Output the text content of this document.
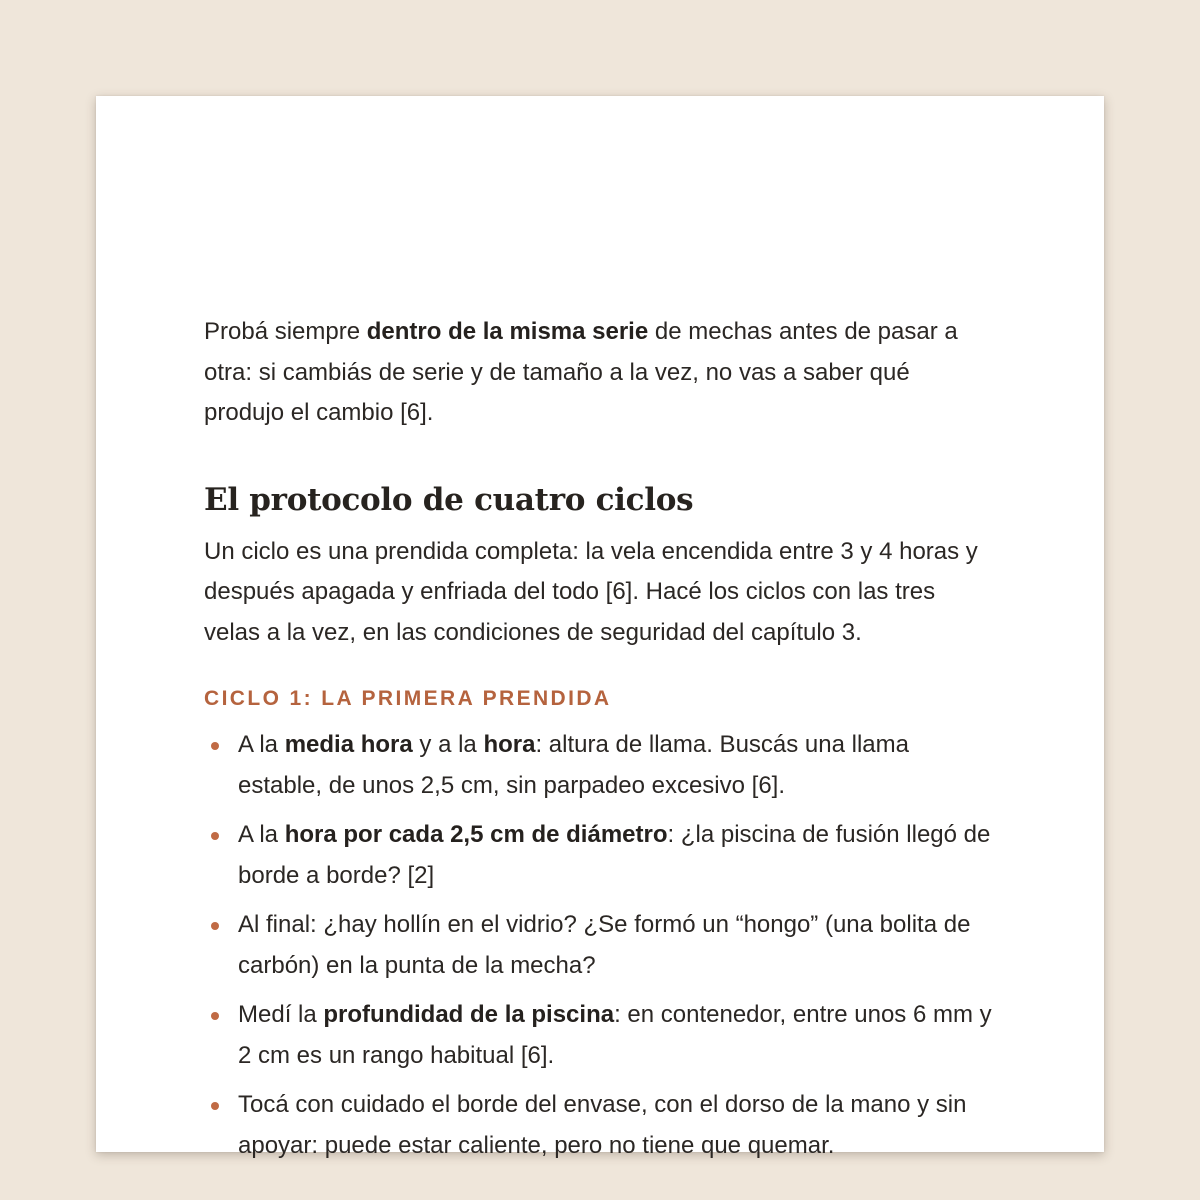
Probá siempre dentro de la misma serie de mechas antes de pasar a otra: si cambiás de serie y de tamaño a la vez, no vas a saber qué produjo el cambio [6].

El protocolo de cuatro ciclos

Un ciclo es una prendida completa: la vela encendida entre 3 y 4 horas y después apagada y enfriada del todo [6]. Hacé los ciclos con las tres velas a la vez, en las condiciones de seguridad del capítulo 3.

CICLO 1: LA PRIMERA PRENDIDA
A la media hora y a la hora: altura de llama. Buscás una llama estable, de unos 2,5 cm, sin parpadeo excesivo [6].
A la hora por cada 2,5 cm de diámetro: ¿la piscina de fusión llegó de borde a borde? [2]
Al final: ¿hay hollín en el vidrio? ¿Se formó un “hongo” (una bolita de carbón) en la punta de la mecha?
Medí la profundidad de la piscina: en contenedor, entre unos 6 mm y 2 cm es un rango habitual [6].
Tocá con cuidado el borde del envase, con el dorso de la mano y sin apoyar: puede estar caliente, pero no tiene que quemar.
